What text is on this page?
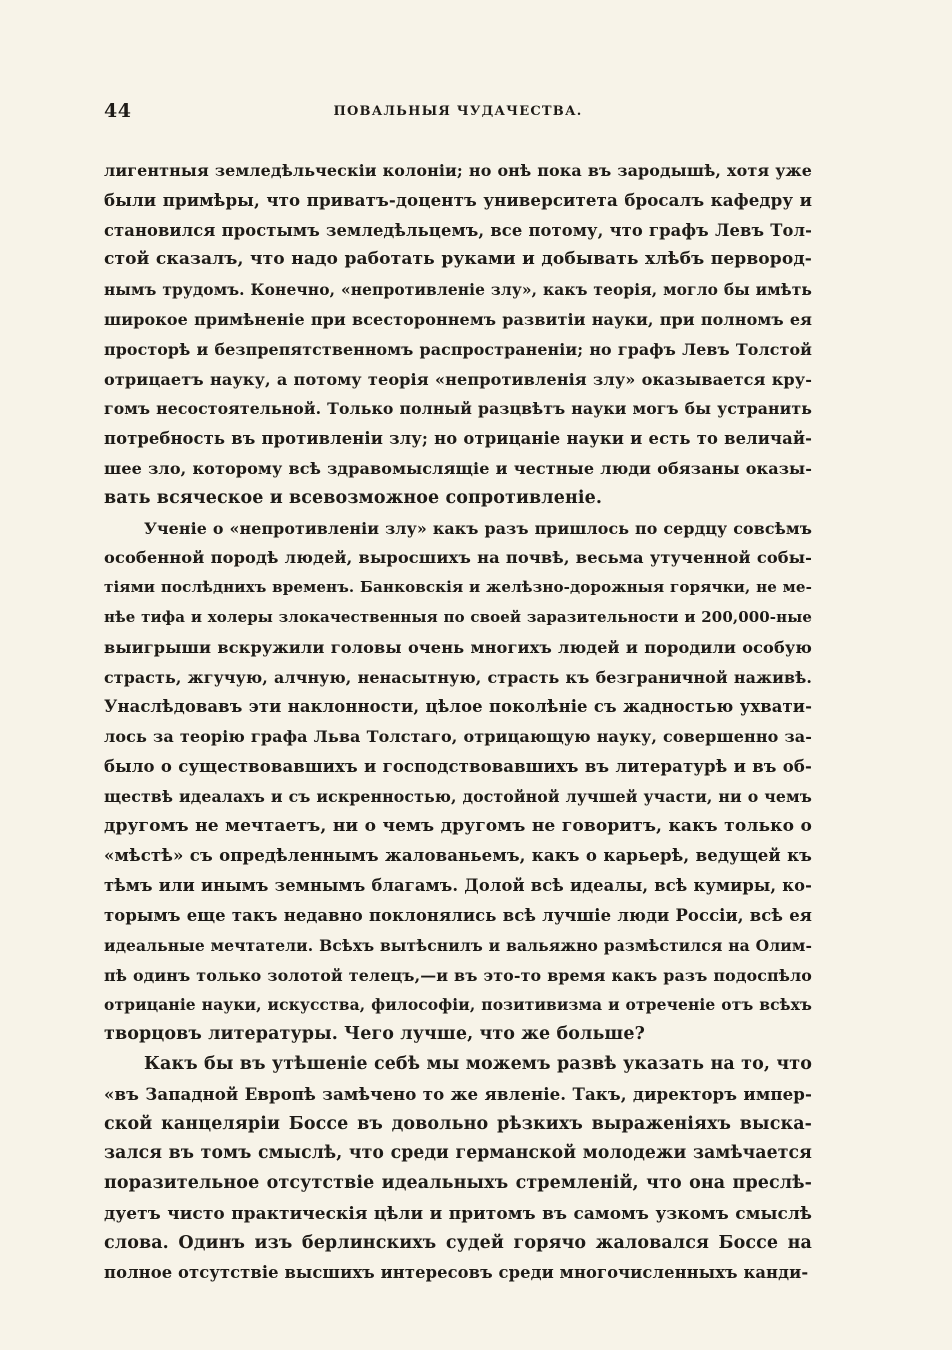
44	ПОВАЛЬНЫЯ ЧУДАЧЕСТВА.
лигентныя земледѣльческiи колонiи; но онѣ пока въ зародышѣ, хотя уже
были примѣры, что приватъ-доцентъ университета бросалъ кафедру и
становился простымъ земледѣльцемъ, все потому, что графъ Левъ Тол-
стой сказалъ, что надо работать руками и добывать хлѣбъ первород-
нымъ трудомъ. Конечно, «непротивленiе злу», какъ теорiя, могло бы имѣть
широкое примѣненiе при всестороннемъ развитiи науки, при полномъ ея
просторѣ и безпрепятственномъ распространенiи; но графъ Левъ Толстой
отрицаетъ науку, а потому теорiя «непротивленiя злу» оказывается кру-
гомъ несостоятельной. Только полный разцвѣтъ науки могъ бы устранить
потребность въ противленiи злу; но отрицанiе науки и есть то величай-
шее зло, которому всѣ здравомыслящiе и честные люди обязаны оказы-
вать всяческое и всевозможное сопротивленiе.
Ученiе о «непротивленiи злу» какъ разъ пришлось по сердцу совсѣмъ
особенной породѣ людей, выросшихъ на почвѣ, весьма утученной собы-
тiями послѣднихъ временъ. Банковскiя и желѣзно-дорожныя горячки, не ме-
нѣе тифа и холеры злокачественныя по своей заразительности и 200,000-ные
выигрыши вскружили головы очень многихъ людей и породили особую
страсть, жгучую, алчную, ненасытную, страсть къ безграничной наживѣ.
Унаслѣдовавъ эти наклонности, цѣлое поколѣнiе съ жадностью ухвати-
лось за теорiю графа Льва Толстаго, отрицающую науку, совершенно за-
было о существовавшихъ и господствовавшихъ въ литературѣ и въ об-
ществѣ идеалахъ и съ искренностью, достойной лучшей участи, ни о чемъ
другомъ не мечтаетъ, ни о чемъ другомъ не говоритъ, какъ только о
«мѣстѣ» съ опредѣленнымъ жалованьемъ, какъ о карьерѣ, ведущей къ
тѣмъ или инымъ земнымъ благамъ. Долой всѣ идеалы, всѣ кумиры, ко-
торымъ еще такъ недавно поклонялись всѣ лучшiе люди Россiи, всѣ ея
идеальные мечтатели. Всѣхъ вытѣснилъ и вальяжно размѣстился на Олим-
пѣ одинъ только золотой телецъ,—и въ это-то время какъ разъ подоспѣло
отрицанiе науки, искусства, философiи, позитивизма и отреченiе отъ всѣхъ
творцовъ литературы. Чего лучше, что же больше?
Какъ бы въ утѣшенiе себѣ мы можемъ развѣ указать на то, что
«въ Западной Европѣ замѣчено то же явленiе. Такъ, директоръ импер-
ской канцелярiи Боссе въ довольно рѣзкихъ выраженiяхъ выска-
зался въ томъ смыслѣ, что среди германской молодежи замѣчается
поразительное отсутствiе идеальныхъ стремленiй, что она преслѣ-
дуетъ чисто практическiя цѣли и притомъ въ самомъ узкомъ смыслѣ
слова. Одинъ изъ берлинскихъ судей горячо жаловался Боссе на
полное отсутствiе высшихъ интересовъ среди многочисленныхъ канди-
